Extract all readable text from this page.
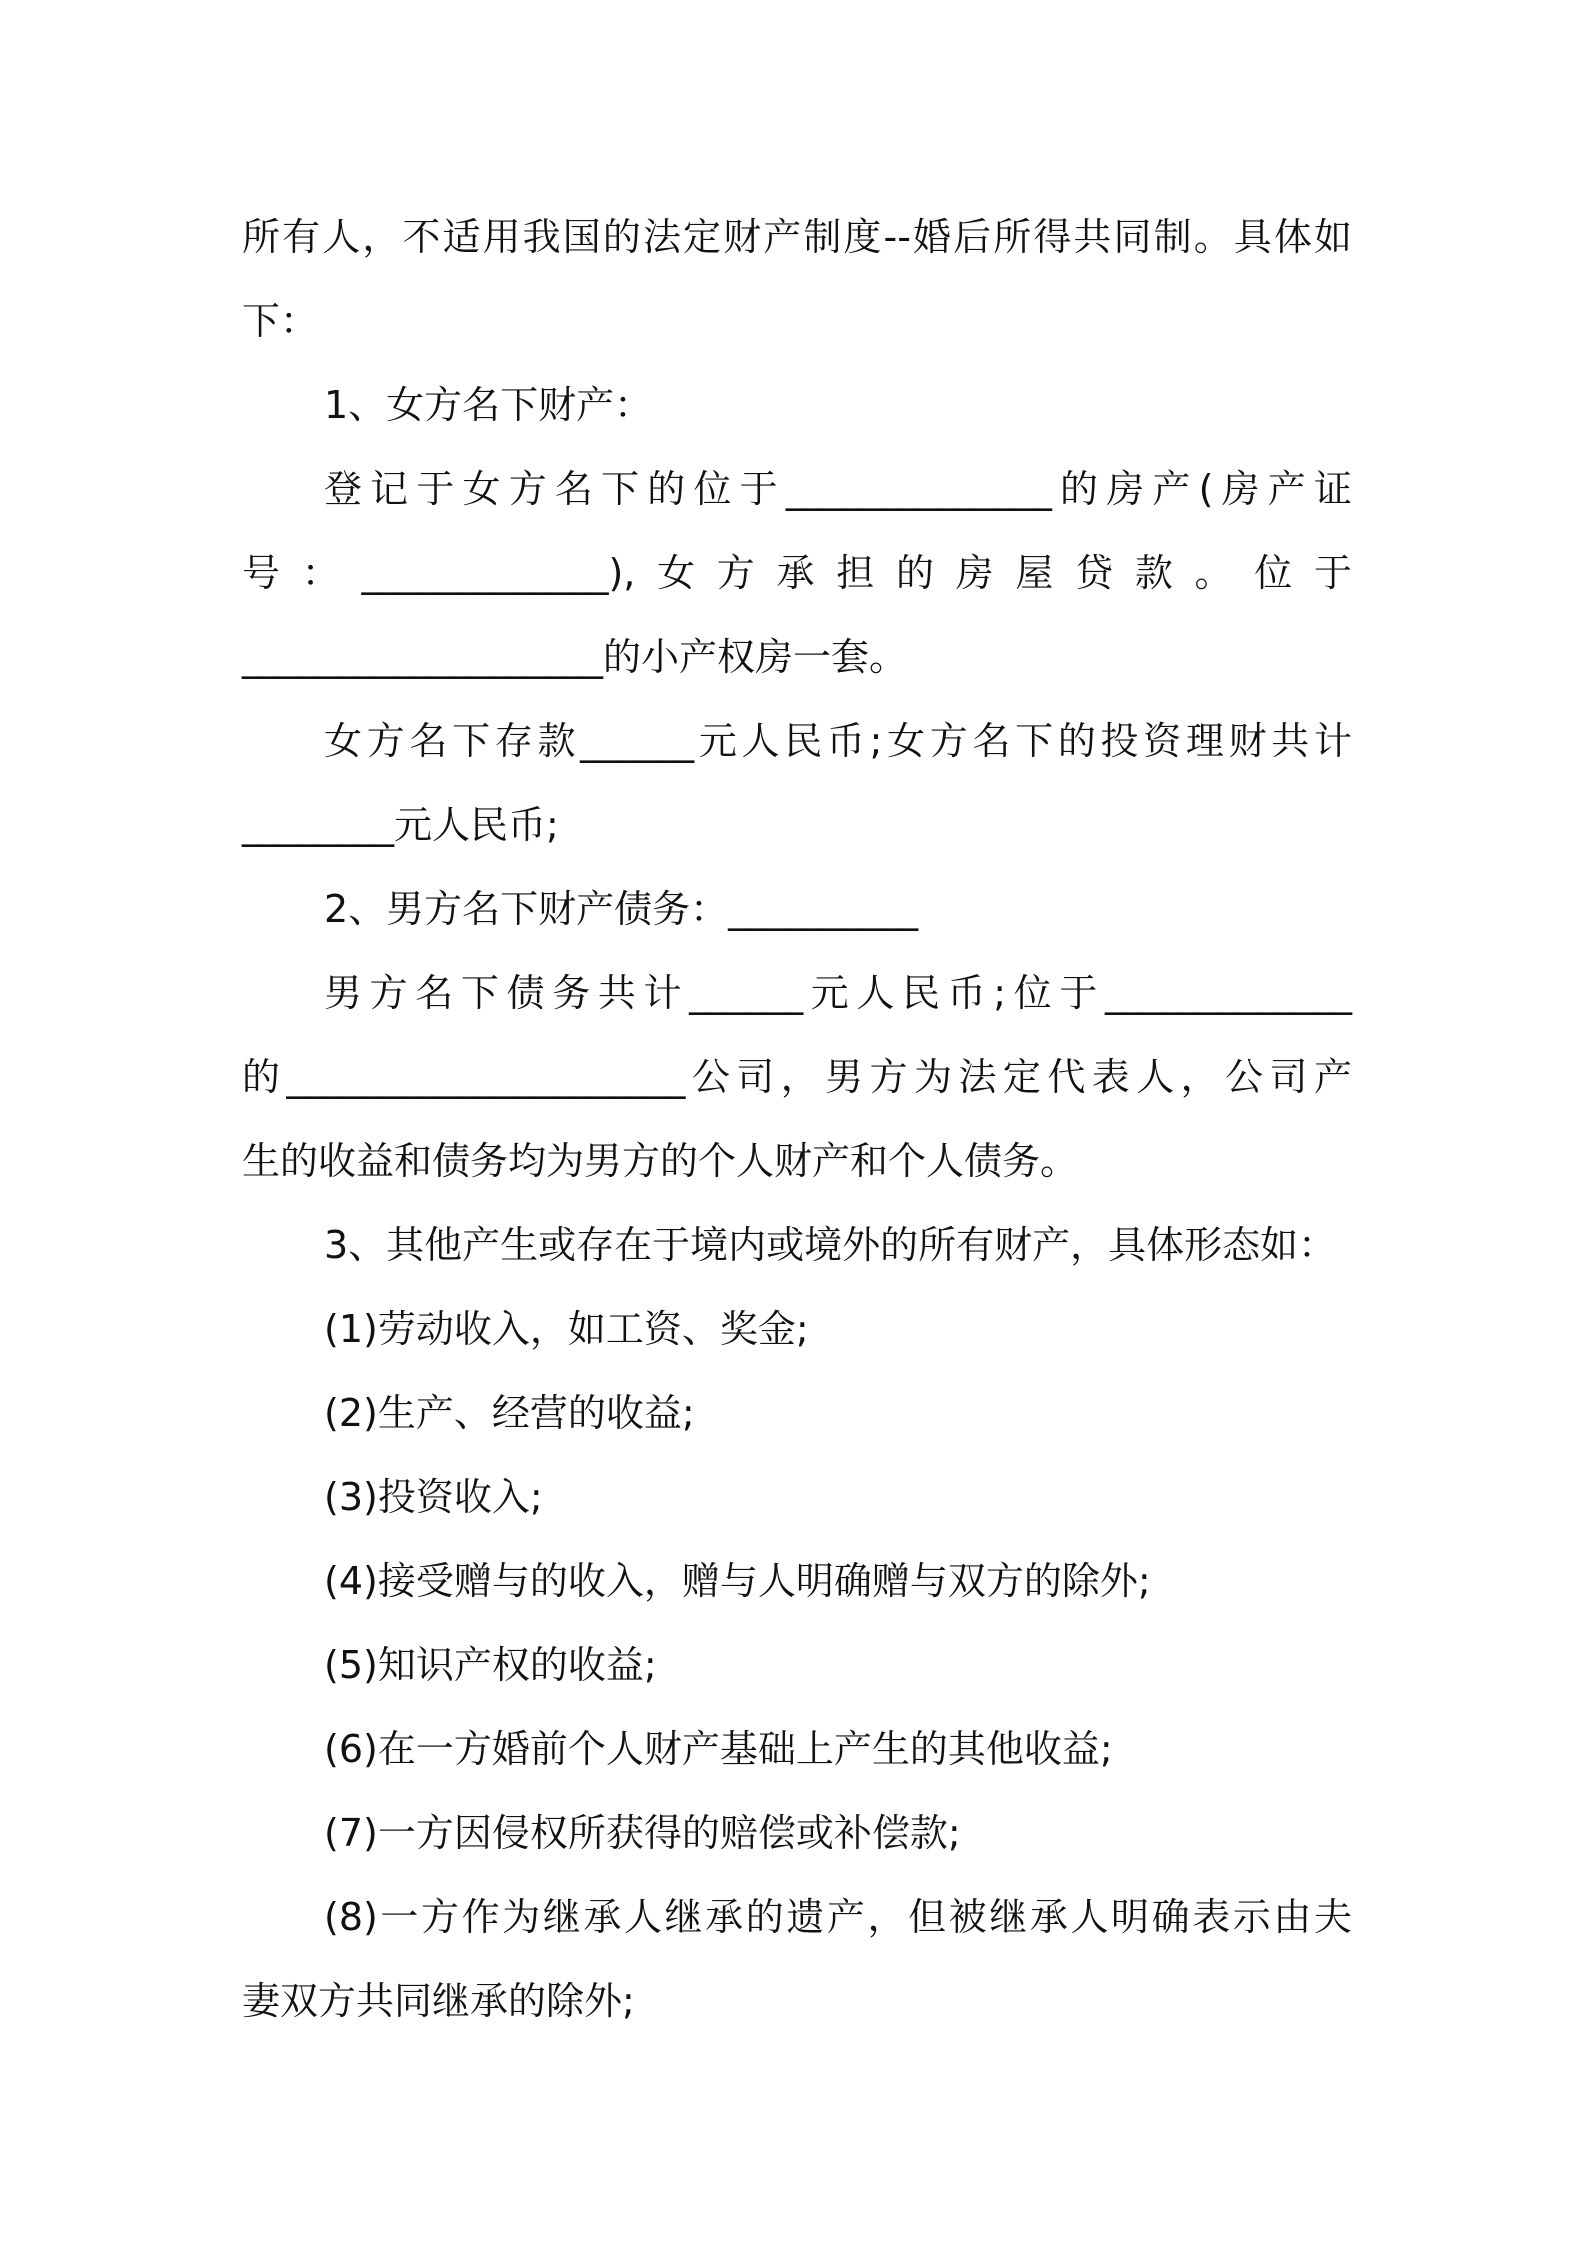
所有人，不适用我国的法定财产制度--婚后所得共同制。具体如
下：

1、女方名下财产：

登记于女方名下的位于______________的房产(房产证
号：_____________),女方承担的房屋贷款。位于
___________________的小产权房一套。

女方名下存款______元人民币;女方名下的投资理财共计
________元人民币;

2、男方名下财产债务：__________

男方名下债务共计______元人民币;位于_____________
的_____________________公司，男方为法定代表人，公司产
生的收益和债务均为男方的个人财产和个人债务。

3、其他产生或存在于境内或境外的所有财产，具体形态如：

(1)劳动收入，如工资、奖金;

(2)生产、经营的收益;

(3)投资收入;

(4)接受赠与的收入，赠与人明确赠与双方的除外;

(5)知识产权的收益;

(6)在一方婚前个人财产基础上产生的其他收益;

(7)一方因侵权所获得的赔偿或补偿款;

(8)一方作为继承人继承的遗产，但被继承人明确表示由夫
妻双方共同继承的除外;
